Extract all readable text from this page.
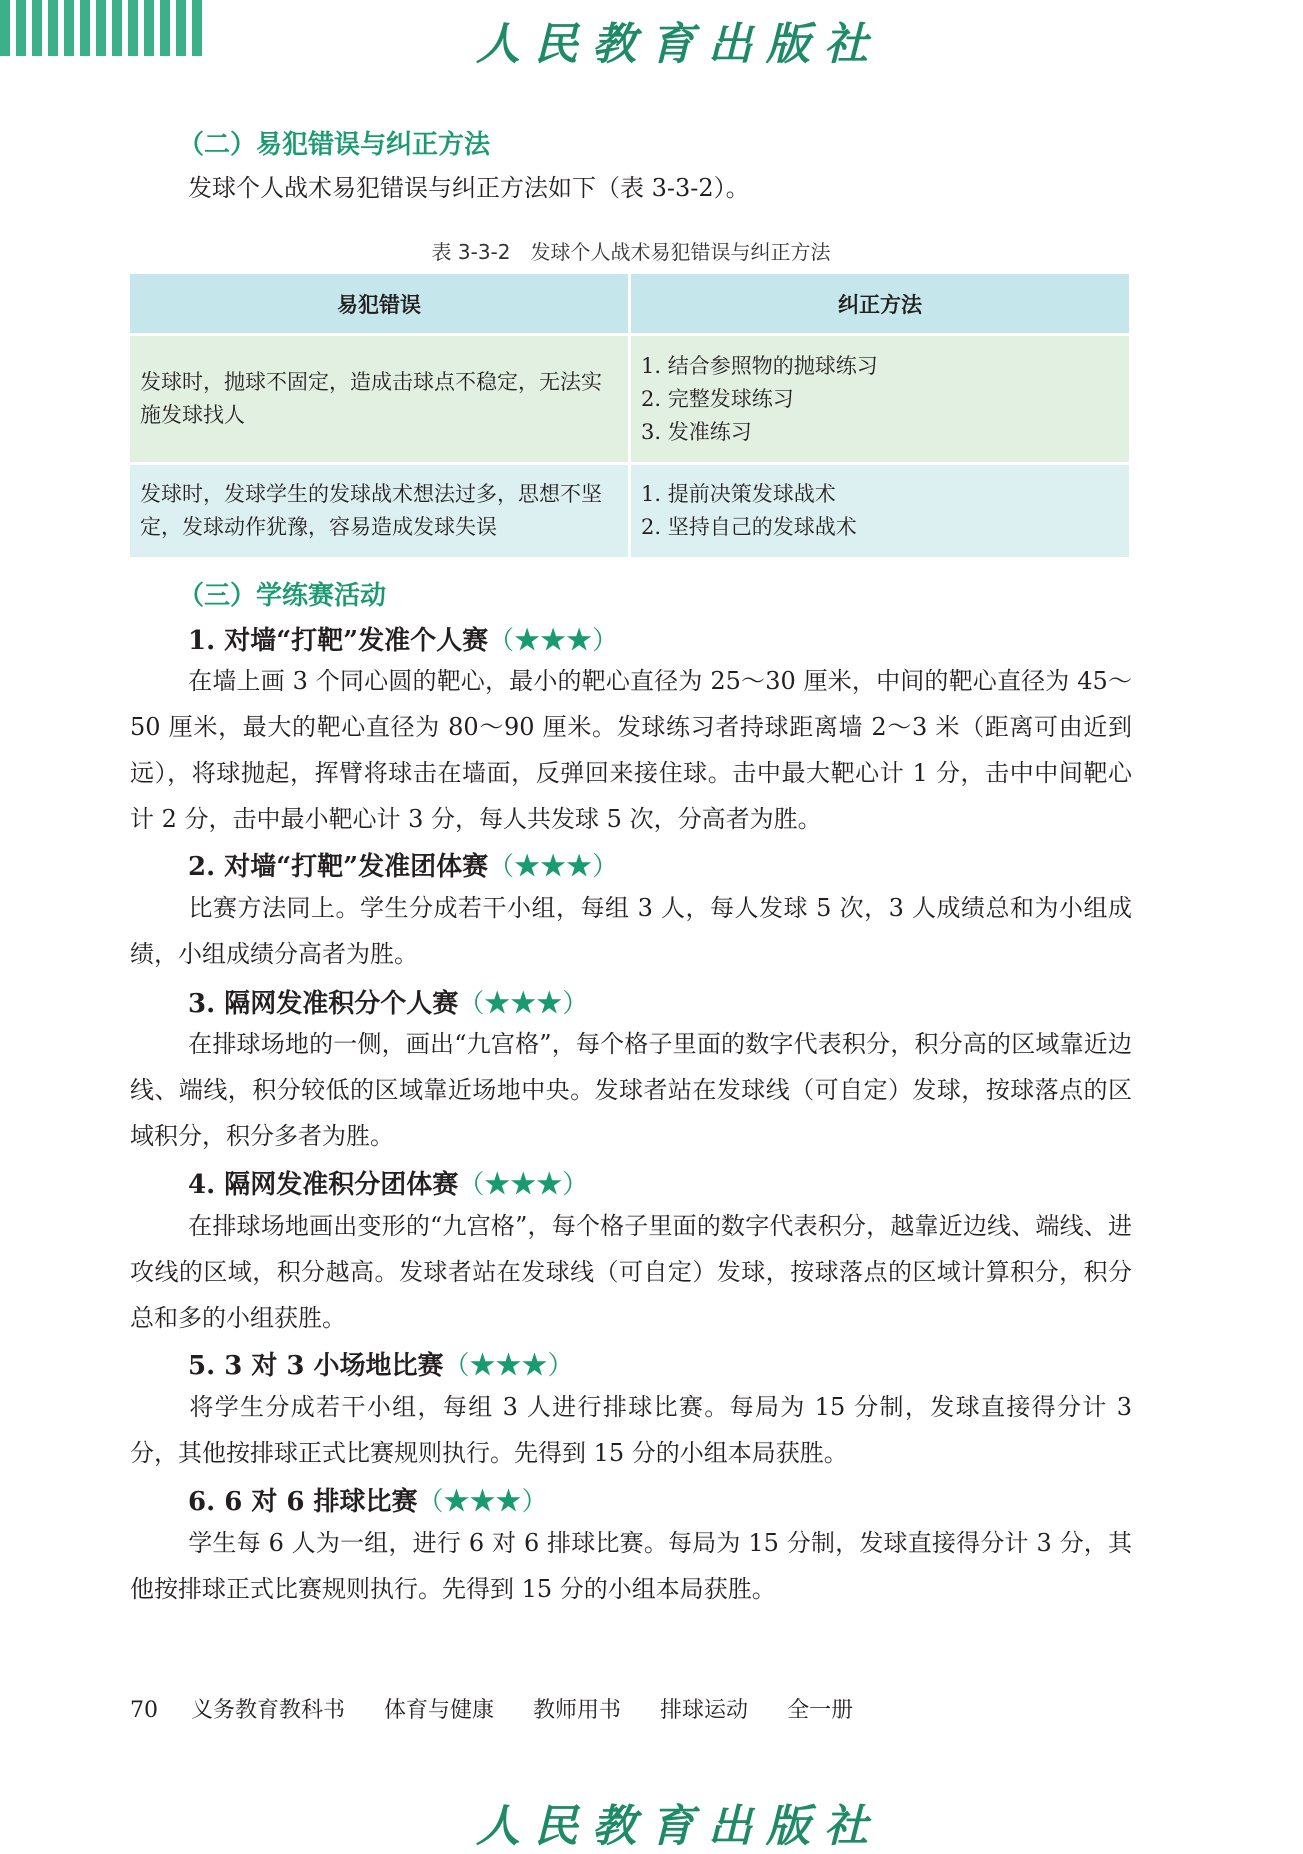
人民教育出版社
（二）易犯错误与纠正方法
发球个人战术易犯错误与纠正方法如下（表 3-3-2）。
表 3-3-2　发球个人战术易犯错误与纠正方法
易犯错误	纠正方法
发球时，抛球不固定，造成击球点不稳定，无法实施发球找人	1. 结合参照物的抛球练习
2. 完整发球练习
3. 发准练习

发球时，发球学生的发球战术想法过多，思想不坚定，发球动作犹豫，容易造成发球失误	1. 提前决策发球战术
2. 坚持自己的发球战术
（三）学练赛活动
1. 对墙“打靶”发准个人赛（★★★）
在墙上画 3 个同心圆的靶心，最小的靶心直径为 25～30 厘米，中间的靶心直径为 45～50 厘米，最大的靶心直径为 80～90 厘米。发球练习者持球距离墙 2～3 米（距离可由近到远），将球抛起，挥臂将球击在墙面，反弹回来接住球。击中最大靶心计 1 分，击中中间靶心计 2 分，击中最小靶心计 3 分，每人共发球 5 次，分高者为胜。
2. 对墙“打靶”发准团体赛（★★★）
比赛方法同上。学生分成若干小组，每组 3 人，每人发球 5 次，3 人成绩总和为小组成绩，小组成绩分高者为胜。
3. 隔网发准积分个人赛（★★★）
在排球场地的一侧，画出“九宫格”，每个格子里面的数字代表积分，积分高的区域靠近边线、端线，积分较低的区域靠近场地中央。发球者站在发球线（可自定）发球，按球落点的区域积分，积分多者为胜。
4. 隔网发准积分团体赛（★★★）
在排球场地画出变形的“九宫格”，每个格子里面的数字代表积分，越靠近边线、端线、进攻线的区域，积分越高。发球者站在发球线（可自定）发球，按球落点的区域计算积分，积分总和多的小组获胜。
5. 3 对 3 小场地比赛（★★★）
将学生分成若干小组，每组 3 人进行排球比赛。每局为 15 分制，发球直接得分计 3 分，其他按排球正式比赛规则执行。先得到 15 分的小组本局获胜。
6. 6 对 6 排球比赛（★★★）
学生每 6 人为一组，进行 6 对 6 排球比赛。每局为 15 分制，发球直接得分计 3 分，其他按排球正式比赛规则执行。先得到 15 分的小组本局获胜。
70 义务教育教科书 体育与健康 教师用书 排球运动 全一册
人民教育出版社
